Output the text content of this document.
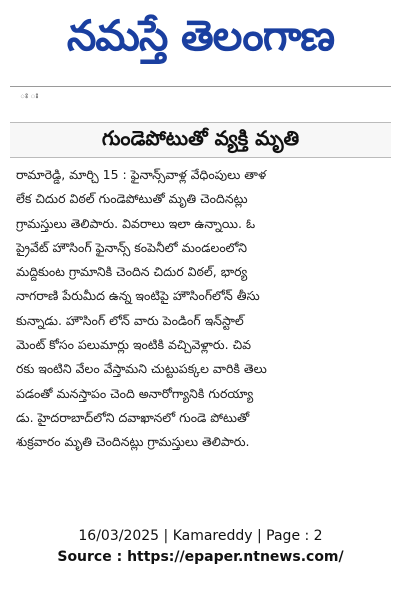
నమస్తే తెలంగాణ
ః ః
గుండెపోటుతో వ్యక్తి మృతి
రామారెడ్డి, మార్చి 15 : ఫైనాన్స్‌వాళ్ల వేధింపులు తాళ
లేక చిదుర విఠల్ గుండెపోటుతో మృతి చెందినట్లు
గ్రామస్తులు తెలిపారు. వివరాలు ఇలా ఉన్నాయి. ఓ
ప్రైవేట్ హౌసింగ్ ఫైనాన్స్ కంపెనీలో మండలంలోని
మద్దికుంట గ్రామానికి చెందిన చిదుర విఠల్, భార్య
నాగరాణి పేరుమీద ఉన్న ఇంటిపై హౌసింగ్‌లోన్ తీసు
కున్నాడు. హౌసింగ్ లోన్ వారు పెండింగ్ ఇన్‌స్టాల్
మెంట్ కోసం పలుమార్లు ఇంటికి వచ్చివెళ్లారు. చివ
రకు ఇంటిని వేలం వేస్తామని చుట్టుపక్కల వారికి తెలు
పడంతో మనస్తాపం చెంది అనారోగ్యానికి గురయ్యా
డు. హైదరాబాద్‌లోని దవాఖానలో గుండె పోటుతో
శుక్రవారం మృతి చెందినట్లు గ్రామస్తులు తెలిపారు.
16/03/2025 | Kamareddy | Page : 2
Source : https://epaper.ntnews.com/
